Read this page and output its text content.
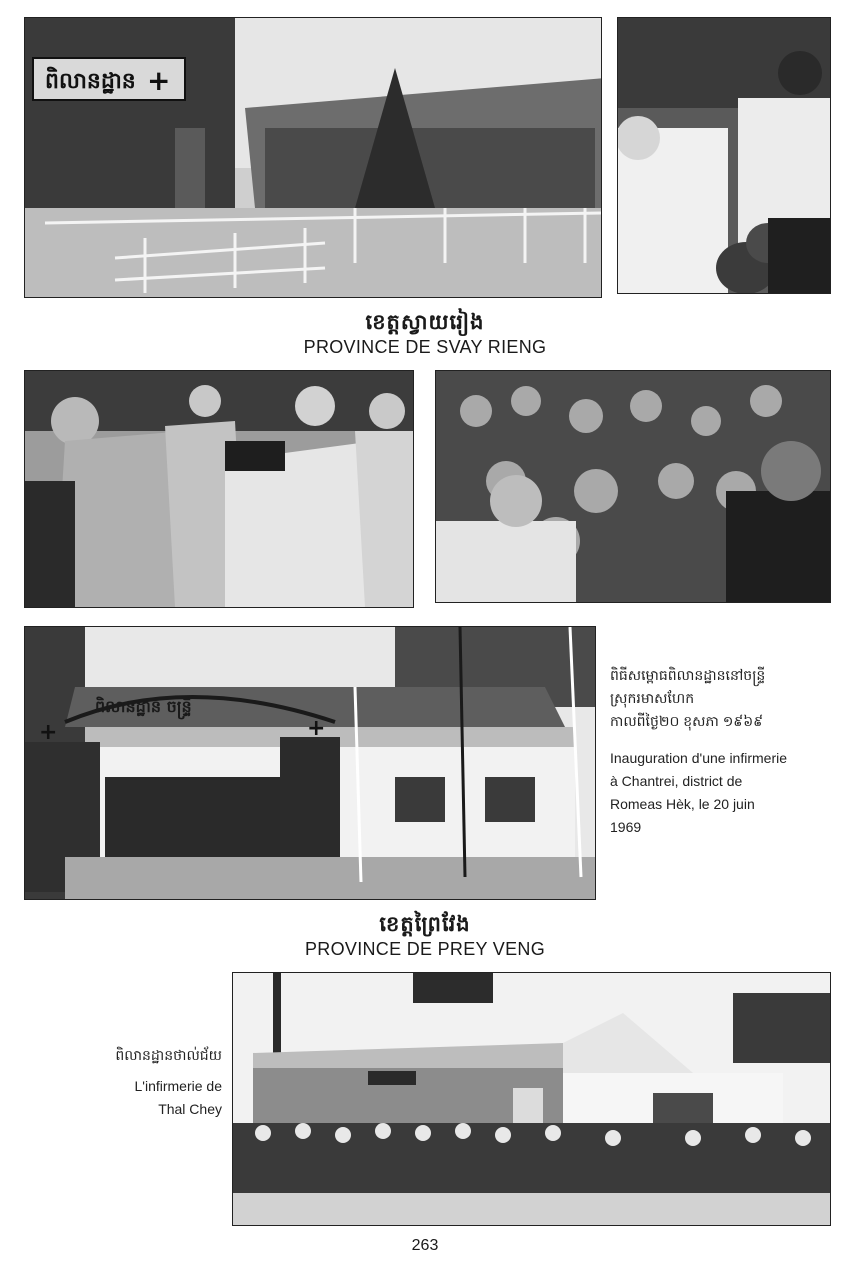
ពិលានដ្ឋាន +
ខេត្តស្វាយរៀង
PROVINCE DE SVAY RIENG
ពិលានដ្ឋាន ចន្ទ្រី
+	+

ពិធីសម្ពោធពិលានដ្ឋាននៅចន្ទ្រី

ស្រុករមាសហែក

កាលពីថ្ងៃ២០ ខុសភា ១៩៦៩

Inauguration d'une infirmerie

à Chantrei, district de

Romeas Hèk, le 20 juin

1969

ខេត្តព្រៃវែង
PROVINCE DE PREY VENG

ពិលានដ្ឋានថាល់ជ័យ

L'infirmerie de

Thal Chey

263
